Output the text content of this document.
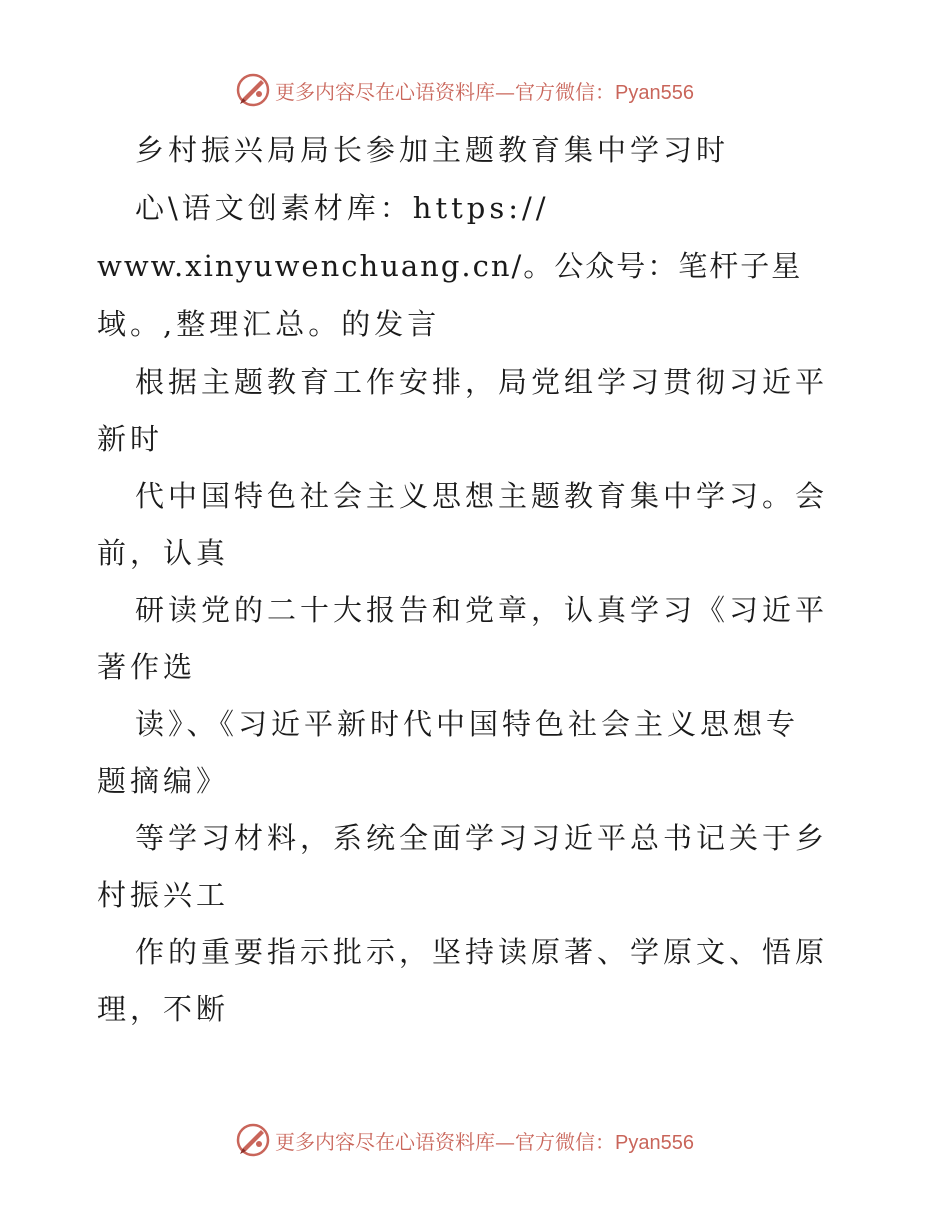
更多内容尽在心语资料库—官方微信：Pyan556
乡村振兴局局长参加主题教育集中学习时
心\语文创素材库：https://
www.xinyuwenchuang.cn/。公众号：笔杆子星
域。,整理汇总。的发言
根据主题教育工作安排，局党组学习贯彻习近平
新时
代中国特色社会主义思想主题教育集中学习。会
前，认真
研读党的二十大报告和党章，认真学习《习近平
著作选
读》、《习近平新时代中国特色社会主义思想专
题摘编》
等学习材料，系统全面学习习近平总书记关于乡
村振兴工
作的重要指示批示，坚持读原著、学原文、悟原
理，不断
更多内容尽在心语资料库—官方微信：Pyan556
